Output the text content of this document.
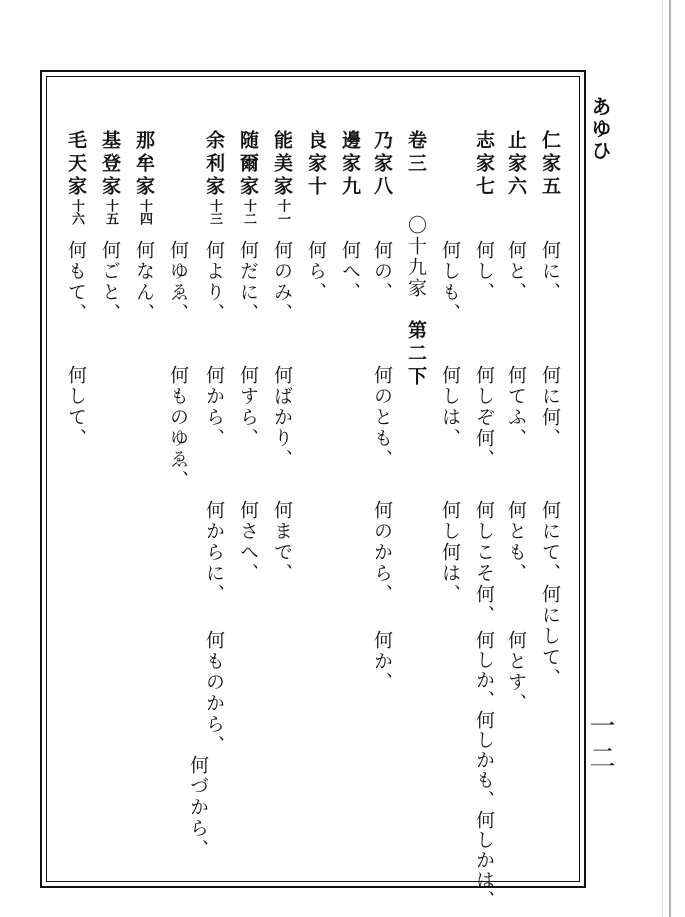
あゆひ
一二
仁家五
何に、
何に何、
何にて、何にして、
止家六
何と、
何てふ、
何とも、
何とす、
志家七
何し、
何しぞ何、
何しこそ何、
何しか、何しかも、何しかは、
何しも、
何しは、
何し何は、
卷三
〇十九家
第二下
乃家八
何の、
何のとも、
何のから、
何か、
邊家九
何へ、
良家十
何ら、
能美家十一
何のみ、
何ばかり、
何まで、
随爾家十二
何だに、
何すら、
何さへ、
余利家十三
何より、
何から、
何からに、
何ものから、
何づから、
何ゆゑ、
何ものゆゑ、
那牟家十四
何なん、
基登家十五
何ごと、
毛天家十六
何もて、
何して、
